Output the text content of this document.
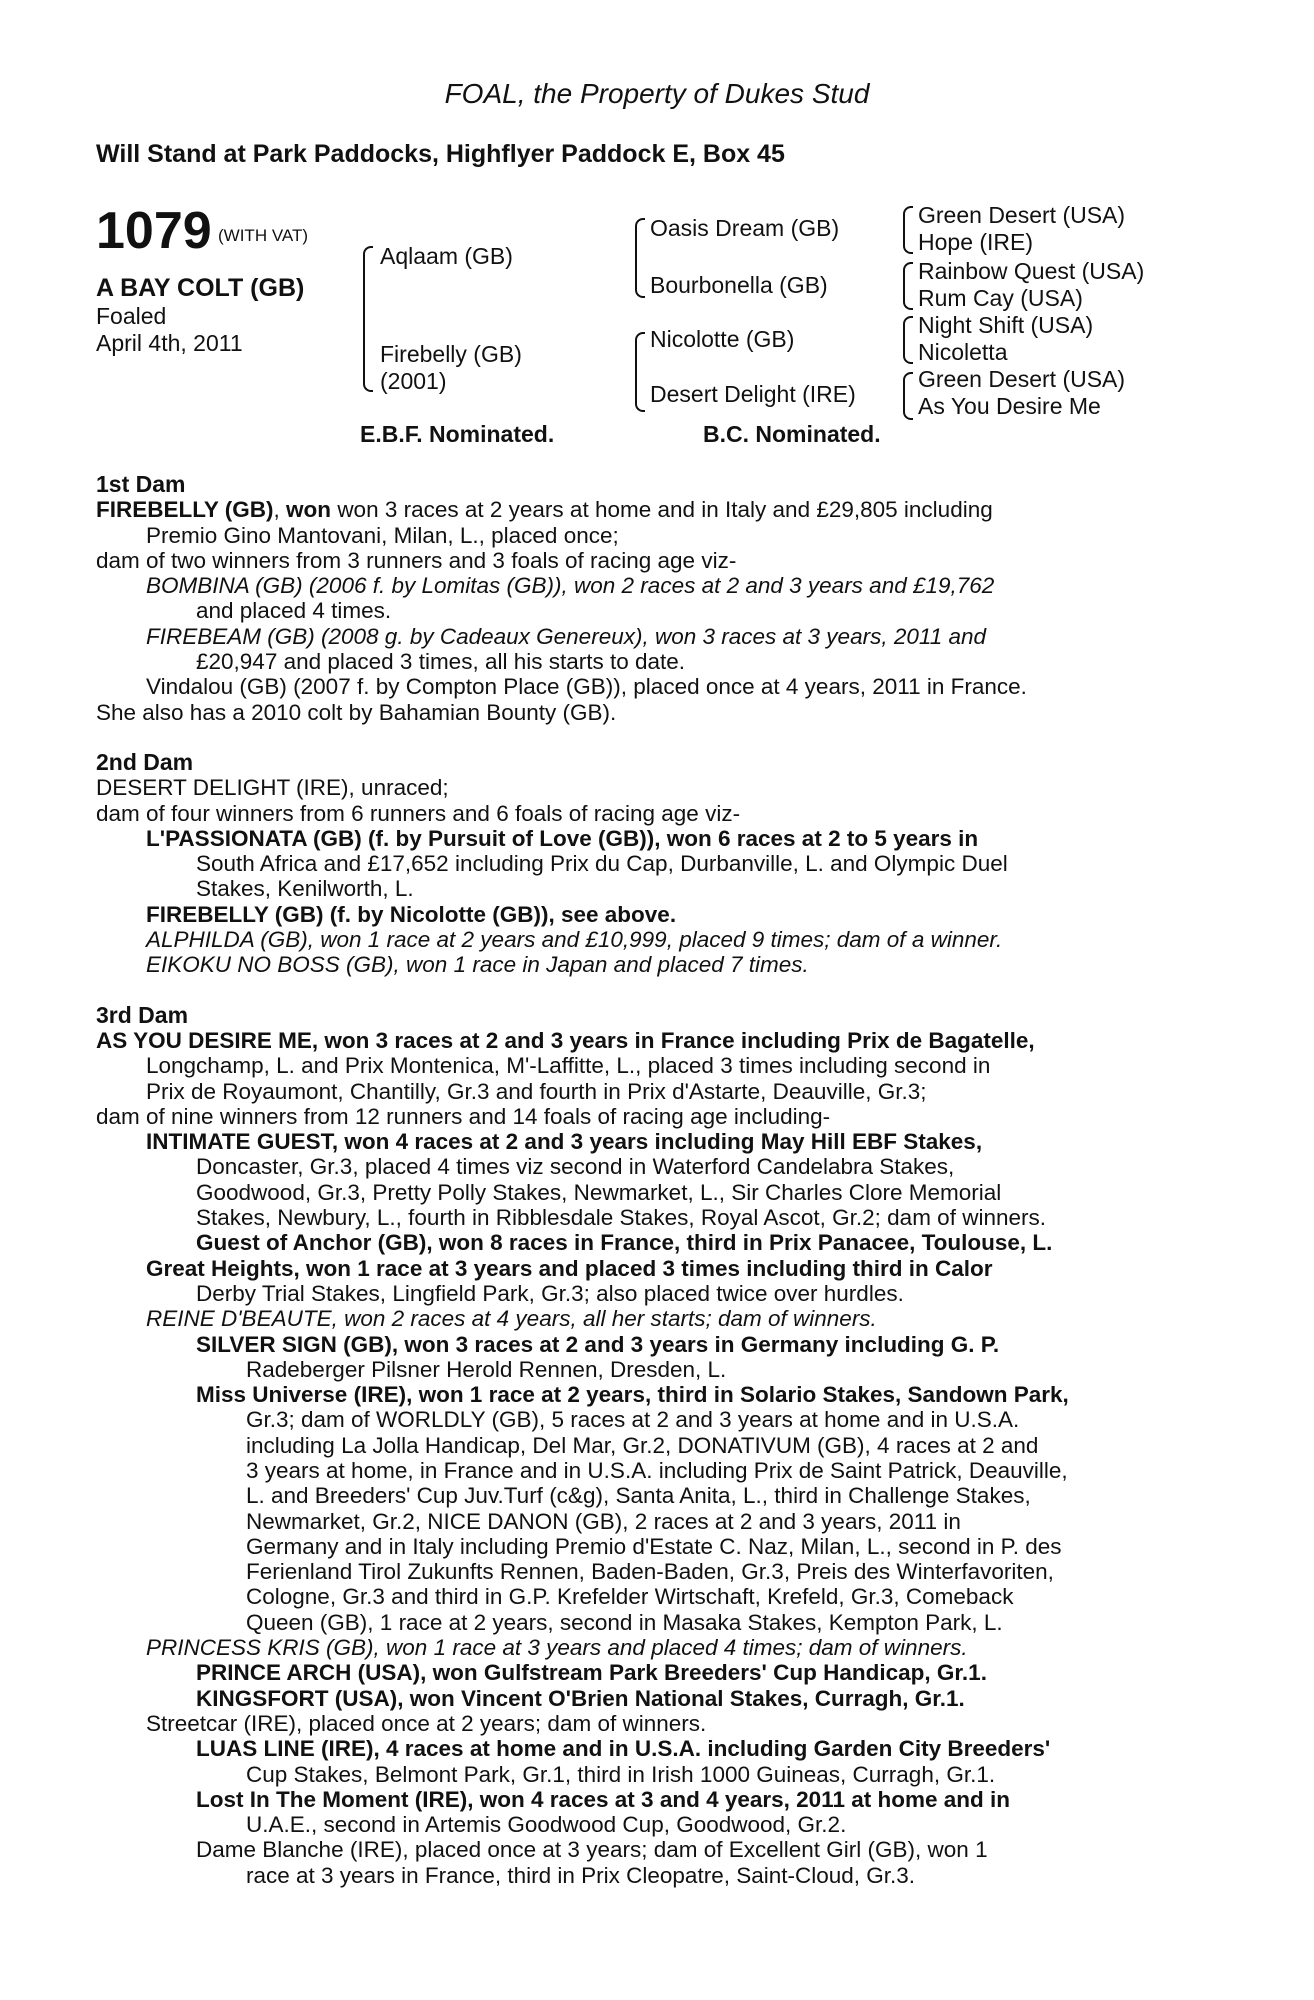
FOAL, the Property of Dukes Stud
Will Stand at Park Paddocks, Highflyer Paddock E, Box 45
1079 (WITH VAT)
A BAY COLT (GB)
Foaled
April 4th, 2011
Aqlaam (GB)
Firebelly (GB)
(2001)
Oasis Dream (GB)
Bourbonella (GB)
Nicolotte (GB)
Desert Delight (IRE)
Green Desert (USA)
Hope (IRE)
Rainbow Quest (USA)
Rum Cay (USA)
Night Shift (USA)
Nicoletta
Green Desert (USA)
As You Desire Me
E.B.F. Nominated.	B.C. Nominated.

1st Dam

FIREBELLY (GB), won won 3 races at 2 years at home and in Italy and £29,805 including

Premio Gino Mantovani, Milan, L., placed once;

dam of two winners from 3 runners and 3 foals of racing age viz-

BOMBINA (GB) (2006 f. by Lomitas (GB)), won 2 races at 2 and 3 years and £19,762

and placed 4 times.

FIREBEAM (GB) (2008 g. by Cadeaux Genereux), won 3 races at 3 years, 2011 and

£20,947 and placed 3 times, all his starts to date.

Vindalou (GB) (2007 f. by Compton Place (GB)), placed once at 4 years, 2011 in France.

She also has a 2010 colt by Bahamian Bounty (GB).

2nd Dam

DESERT DELIGHT (IRE), unraced;

dam of four winners from 6 runners and 6 foals of racing age viz-

L'PASSIONATA (GB) (f. by Pursuit of Love (GB)), won 6 races at 2 to 5 years in

South Africa and £17,652 including Prix du Cap, Durbanville, L. and Olympic Duel

Stakes, Kenilworth, L.

FIREBELLY (GB) (f. by Nicolotte (GB)), see above.

ALPHILDA (GB), won 1 race at 2 years and £10,999, placed 9 times; dam of a winner.

EIKOKU NO BOSS (GB), won 1 race in Japan and placed 7 times.

3rd Dam

AS YOU DESIRE ME, won 3 races at 2 and 3 years in France including Prix de Bagatelle,

Longchamp, L. and Prix Montenica, M'-Laffitte, L., placed 3 times including second in

Prix de Royaumont, Chantilly, Gr.3 and fourth in Prix d'Astarte, Deauville, Gr.3;

dam of nine winners from 12 runners and 14 foals of racing age including-

INTIMATE GUEST, won 4 races at 2 and 3 years including May Hill EBF Stakes,

Doncaster, Gr.3, placed 4 times viz second in Waterford Candelabra Stakes,

Goodwood, Gr.3, Pretty Polly Stakes, Newmarket, L., Sir Charles Clore Memorial

Stakes, Newbury, L., fourth in Ribblesdale Stakes, Royal Ascot, Gr.2; dam of winners.

Guest of Anchor (GB), won 8 races in France, third in Prix Panacee, Toulouse, L.

Great Heights, won 1 race at 3 years and placed 3 times including third in Calor

Derby Trial Stakes, Lingfield Park, Gr.3; also placed twice over hurdles.

REINE D'BEAUTE, won 2 races at 4 years, all her starts; dam of winners.

SILVER SIGN (GB), won 3 races at 2 and 3 years in Germany including G. P.

Radeberger Pilsner Herold Rennen, Dresden, L.

Miss Universe (IRE), won 1 race at 2 years, third in Solario Stakes, Sandown Park,

Gr.3; dam of WORLDLY (GB), 5 races at 2 and 3 years at home and in U.S.A.

including La Jolla Handicap, Del Mar, Gr.2, DONATIVUM (GB), 4 races at 2 and

3 years at home, in France and in U.S.A. including Prix de Saint Patrick, Deauville,

L. and Breeders' Cup Juv.Turf (c&g), Santa Anita, L., third in Challenge Stakes,

Newmarket, Gr.2, NICE DANON (GB), 2 races at 2 and 3 years, 2011 in

Germany and in Italy including Premio d'Estate C. Naz, Milan, L., second in P. des

Ferienland Tirol Zukunfts Rennen, Baden-Baden, Gr.3, Preis des Winterfavoriten,

Cologne, Gr.3 and third in G.P. Krefelder Wirtschaft, Krefeld, Gr.3, Comeback

Queen (GB), 1 race at 2 years, second in Masaka Stakes, Kempton Park, L.

PRINCESS KRIS (GB), won 1 race at 3 years and placed 4 times; dam of winners.

PRINCE ARCH (USA), won Gulfstream Park Breeders' Cup Handicap, Gr.1.

KINGSFORT (USA), won Vincent O'Brien National Stakes, Curragh, Gr.1.

Streetcar (IRE), placed once at 2 years; dam of winners.

LUAS LINE (IRE), 4 races at home and in U.S.A. including Garden City Breeders'

Cup Stakes, Belmont Park, Gr.1, third in Irish 1000 Guineas, Curragh, Gr.1.

Lost In The Moment (IRE), won 4 races at 3 and 4 years, 2011 at home and in

U.A.E., second in Artemis Goodwood Cup, Goodwood, Gr.2.

Dame Blanche (IRE), placed once at 3 years; dam of Excellent Girl (GB), won 1

race at 3 years in France, third in Prix Cleopatre, Saint-Cloud, Gr.3.
